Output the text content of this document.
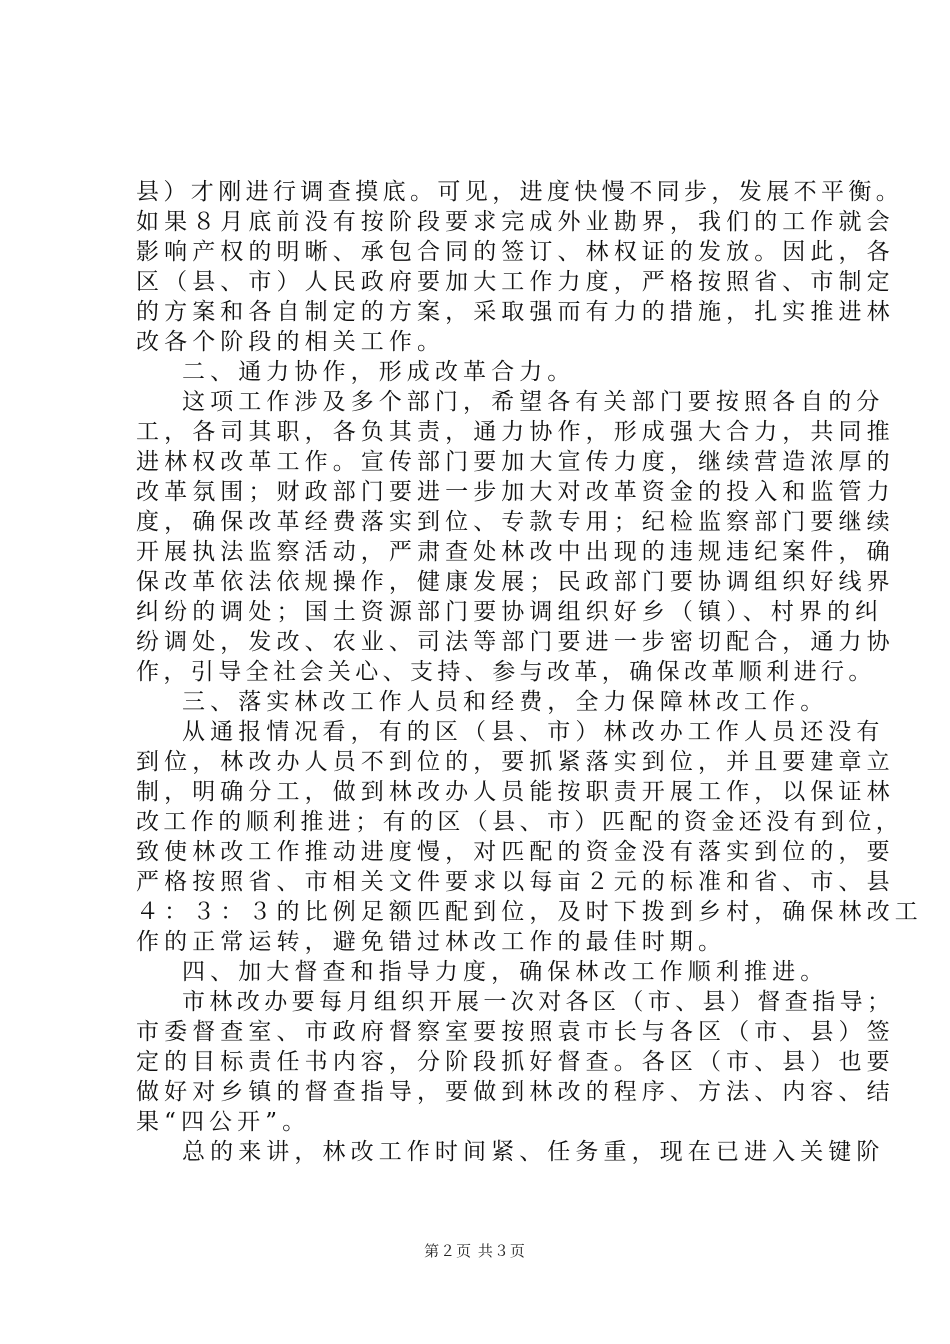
县）才刚进行调查摸底。可见，进度快慢不同步，发展不平衡。
如果８月底前没有按阶段要求完成外业勘界，我们的工作就会
影响产权的明晰、承包合同的签订、林权证的发放。因此，各
区（县、市）人民政府要加大工作力度，严格按照省、市制定
的方案和各自制定的方案，采取强而有力的措施，扎实推进林
改各个阶段的相关工作。
二、通力协作，形成改革合力。
这项工作涉及多个部门，希望各有关部门要按照各自的分
工，各司其职，各负其责，通力协作，形成强大合力，共同推
进林权改革工作。宣传部门要加大宣传力度，继续营造浓厚的
改革氛围；财政部门要进一步加大对改革资金的投入和监管力
度，确保改革经费落实到位、专款专用；纪检监察部门要继续
开展执法监察活动，严肃查处林改中出现的违规违纪案件，确
保改革依法依规操作，健康发展；民政部门要协调组织好线界
纠纷的调处；国土资源部门要协调组织好乡（镇）、村界的纠
纷调处，发改、农业、司法等部门要进一步密切配合，通力协
作，引导全社会关心、支持、参与改革，确保改革顺利进行。
三、落实林改工作人员和经费，全力保障林改工作。
从通报情况看，有的区（县、市）林改办工作人员还没有
到位，林改办人员不到位的，要抓紧落实到位，并且要建章立
制，明确分工，做到林改办人员能按职责开展工作，以保证林
改工作的顺利推进；有的区（县、市）匹配的资金还没有到位，
致使林改工作推动进度慢，对匹配的资金没有落实到位的，要
严格按照省、市相关文件要求以每亩２元的标准和省、市、县
４：３：３的比例足额匹配到位，及时下拨到乡村，确保林改工
作的正常运转，避免错过林改工作的最佳时期。
四、加大督查和指导力度，确保林改工作顺利推进。
市林改办要每月组织开展一次对各区（市、县）督查指导；
市委督查室、市政府督察室要按照袁市长与各区（市、县）签
定的目标责任书内容，分阶段抓好督查。各区（市、县）也要
做好对乡镇的督查指导，要做到林改的程序、方法、内容、结
果“四公开”。
总的来讲，林改工作时间紧、任务重，现在已进入关键阶
第２页 共３页
